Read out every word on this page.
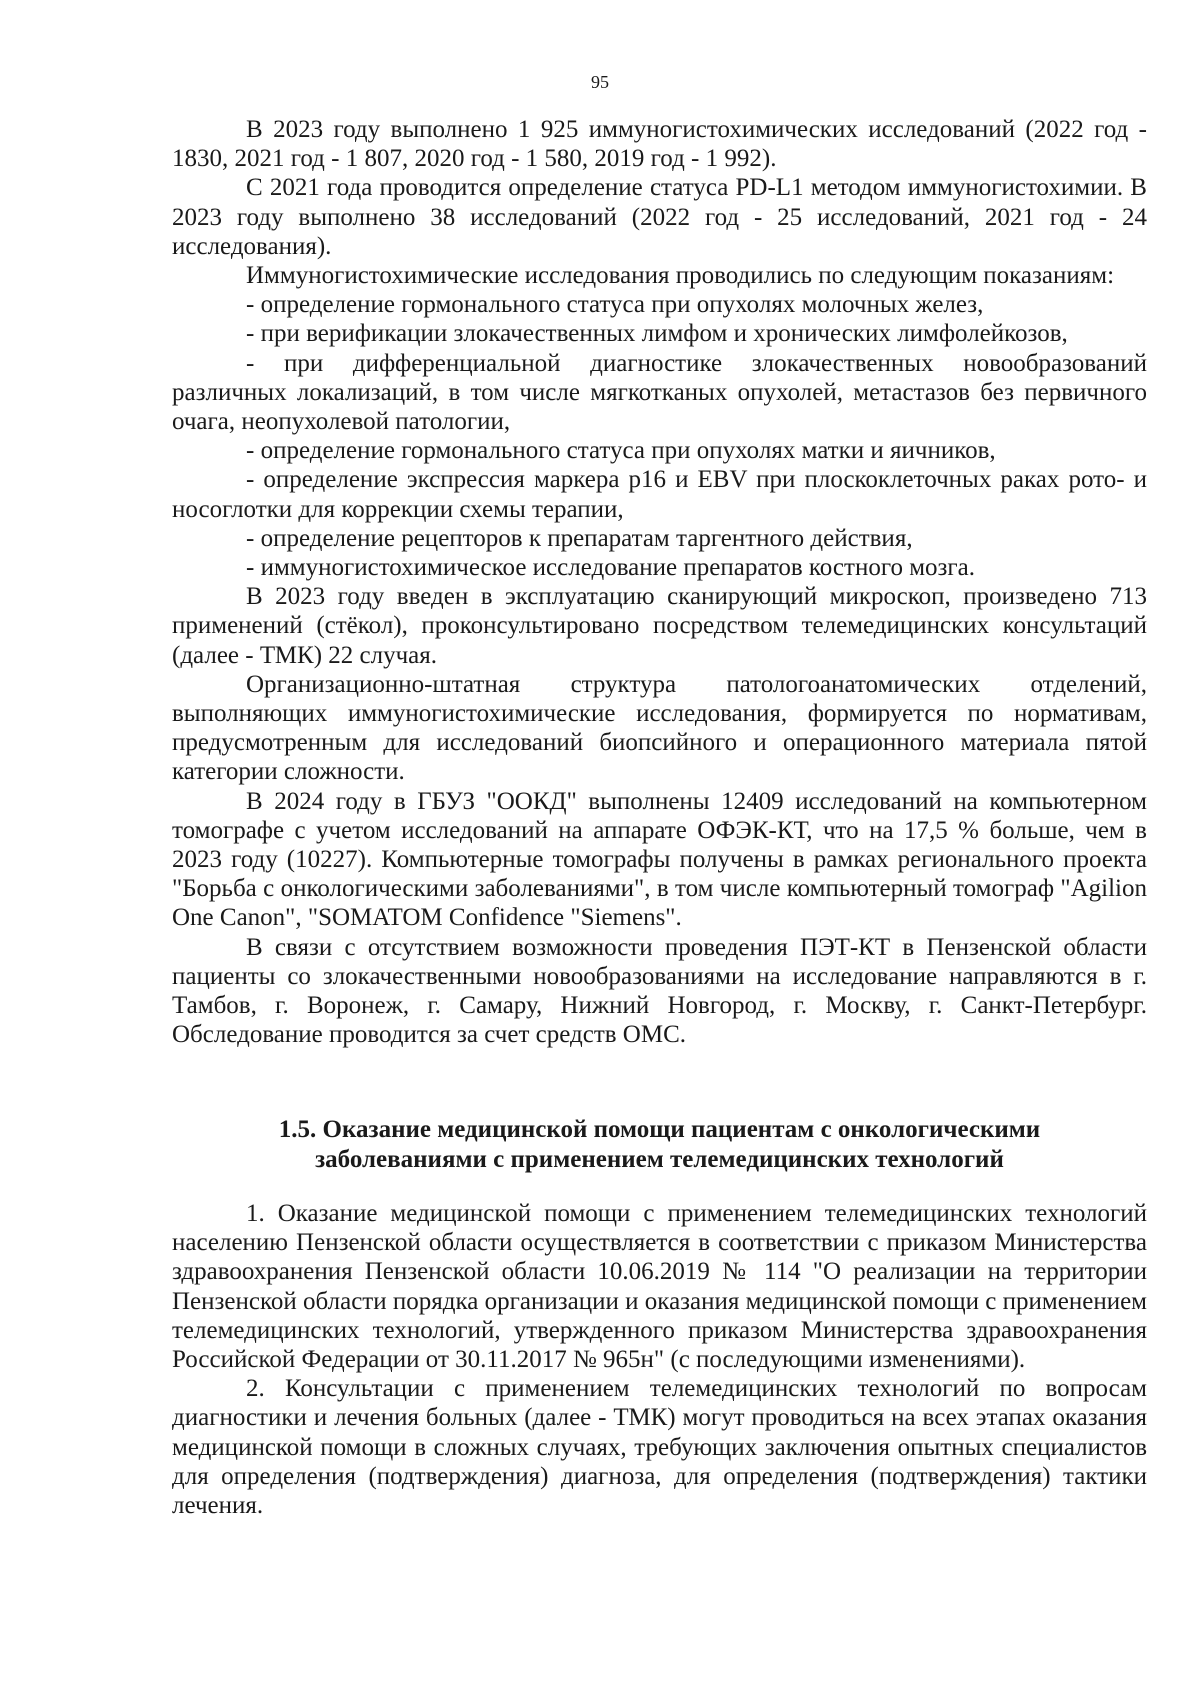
95

В 2023 году выполнено 1 925 иммуногистохимических исследований (2022 год - 1830, 2021 год - 1 807, 2020 год - 1 580, 2019 год - 1 992).

С 2021 года проводится определение статуса PD-L1 методом иммуногистохимии. В 2023 году выполнено 38 исследований (2022 год - 25 исследований, 2021 год - 24 исследования).

Иммуногистохимические исследования проводились по следующим показаниям:

- определение гормонального статуса при опухолях молочных желез,

- при верификации злокачественных лимфом и хронических лимфолейкозов,

- при дифференциальной диагностике злокачественных новообразований различных локализаций, в том числе мягкотканых опухолей, метастазов без первичного очага, неопухолевой патологии,

- определение гормонального статуса при опухолях матки и яичников,

- определение экспрессия маркера p16 и EBV при плоскоклеточных раках рото- и носоглотки для коррекции схемы терапии,

- определение рецепторов к препаратам таргентного действия,

- иммуногистохимическое исследование препаратов костного мозга.

В 2023 году введен в эксплуатацию сканирующий микроскоп, произведено 713 применений (стёкол), проконсультировано посредством телемедицинских консультаций (далее - ТМК) 22 случая.

Организационно-штатная структура патологоанатомических отделений, выполняющих иммуногистохимические исследования, формируется по нормативам, предусмотренным для исследований биопсийного и операционного материала пятой категории сложности.

В 2024 году в ГБУЗ "ООКД" выполнены 12409 исследований на компьютерном томографе с учетом исследований на аппарате ОФЭК-КТ, что на 17,5 % больше, чем в 2023 году (10227). Компьютерные томографы получены в рамках регионального проекта "Борьба с онкологическими заболеваниями", в том числе компьютерный томограф "Agilion One Canon", "SOMATOM Confidence "Siemens".

В связи с отсутствием возможности проведения ПЭТ-КТ в Пензенской области пациенты со злокачественными новообразованиями на исследование направляются в г. Тамбов, г. Воронеж, г. Самару, Нижний Новгород, г. Москву, г. Санкт-Петербург. Обследование проводится за счет средств ОМС.

1.5. Оказание медицинской помощи пациентам с онкологическими
заболеваниями с применением телемедицинских технологий

1. Оказание медицинской помощи с применением телемедицинских технологий населению Пензенской области осуществляется в соответствии с приказом Министерства здравоохранения Пензенской области 10.06.2019 № 114 "О реализации на территории Пензенской области порядка организации и оказания медицинской помощи с применением телемедицинских технологий, утвержденного приказом Министерства здравоохранения Российской Федерации от 30.11.2017 № 965н" (с последующими изменениями).

2. Консультации с применением телемедицинских технологий по вопросам диагностики и лечения больных (далее - ТМК) могут проводиться на всех этапах оказания медицинской помощи в сложных случаях, требующих заключения опытных специалистов для определения (подтверждения) диагноза, для определения (подтверждения) тактики лечения.
